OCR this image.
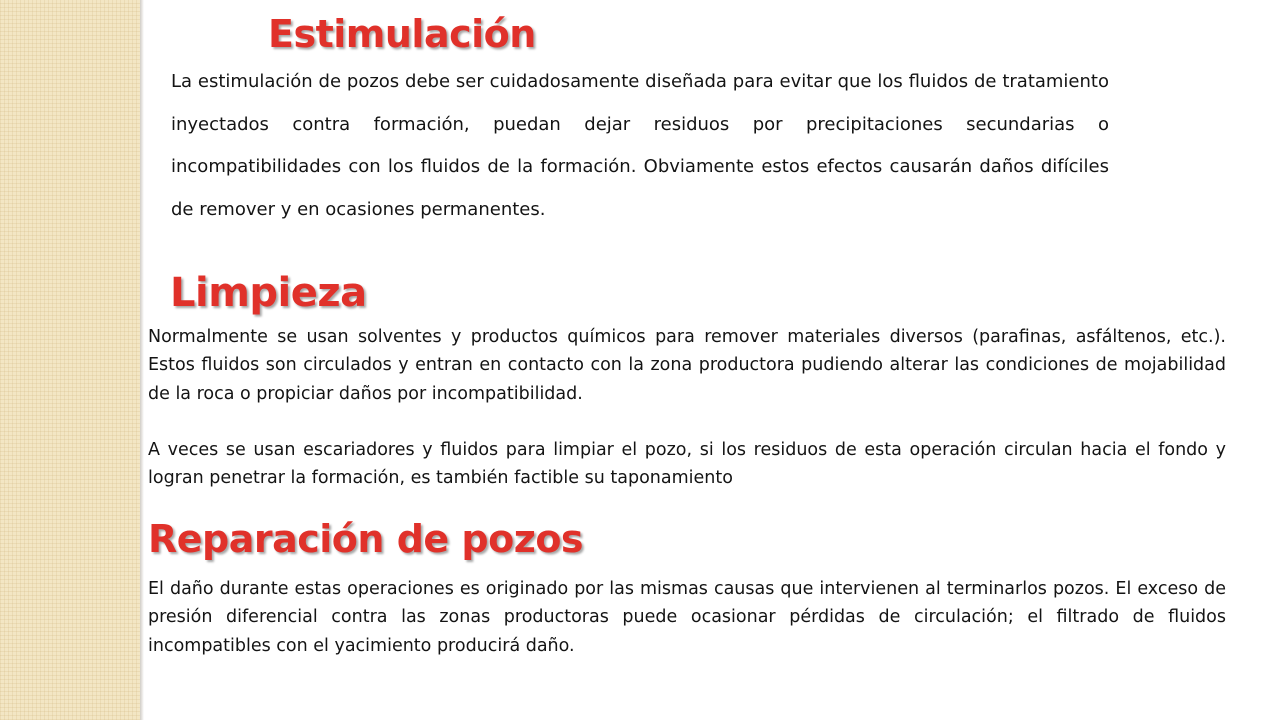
Estimulación

La estimulación de pozos debe ser cuidadosamente diseñada para evitar que los fluidos de tratamiento inyectados contra formación, puedan dejar residuos por precipitaciones secundarias o incompatibilidades con los fluidos de la formación. Obviamente estos efectos causarán daños difíciles de remover y en ocasiones permanentes.

Limpieza

Normalmente se usan solventes y productos químicos para remover materiales diversos (parafinas, asfáltenos, etc.). Estos fluidos son circulados y entran en contacto con la zona productora pudiendo alterar las condiciones de mojabilidad de la roca o propiciar daños por incompatibilidad.

A veces se usan escariadores y fluidos para limpiar el pozo, si los residuos de esta operación circulan hacia el fondo y logran penetrar la formación, es también factible su taponamiento

Reparación de pozos

El daño durante estas operaciones es originado por las mismas causas que intervienen al terminarlos pozos. El exceso de presión diferencial contra las zonas productoras puede ocasionar pérdidas de circulación; el filtrado de fluidos incompatibles con el yacimiento producirá daño.
